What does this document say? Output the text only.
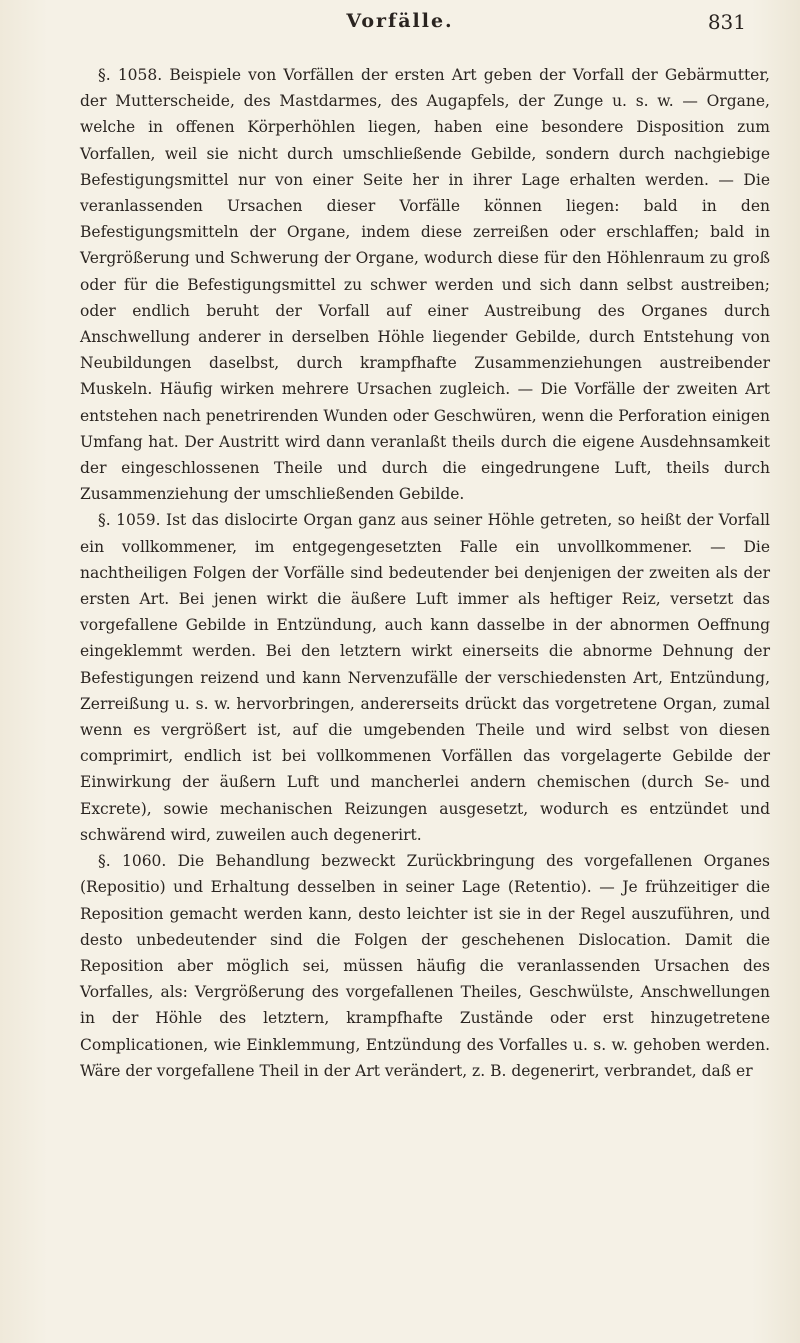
Vorfälle.	831

§. 1058. Beispiele von Vorfällen der ersten Art geben der Vorfall der Gebärmutter, der Mutterscheide, des Mastdarmes, des Augapfels, der Zunge u. s. w. — Organe, welche in offenen Körperhöhlen liegen, haben eine besondere Disposition zum Vorfallen, weil sie nicht durch umschließende Gebilde, sondern durch nachgiebige Befestigungsmittel nur von einer Seite her in ihrer Lage erhalten werden. — Die veranlassenden Ursachen dieser Vorfälle können liegen: bald in den Befestigungsmitteln der Organe, indem diese zerreißen oder erschlaffen; bald in Vergrößerung und Schwerung der Organe, wodurch diese für den Höhlenraum zu groß oder für die Befestigungsmittel zu schwer werden und sich dann selbst austreiben; oder endlich beruht der Vorfall auf einer Austreibung des Organes durch Anschwellung anderer in derselben Höhle liegender Gebilde, durch Entstehung von Neubildungen daselbst, durch krampfhafte Zusammenziehungen austreibender Muskeln. Häufig wirken mehrere Ursachen zugleich. — Die Vorfälle der zweiten Art entstehen nach penetrirenden Wunden oder Geschwüren, wenn die Perforation einigen Umfang hat. Der Austritt wird dann veranlaßt theils durch die eigene Ausdehnsamkeit der eingeschlossenen Theile und durch die eingedrungene Luft, theils durch Zusammenziehung der umschließenden Gebilde.

§. 1059. Ist das dislocirte Organ ganz aus seiner Höhle getreten, so heißt der Vorfall ein vollkommener, im entgegengesetzten Falle ein unvollkommener. — Die nachtheiligen Folgen der Vorfälle sind bedeutender bei denjenigen der zweiten als der ersten Art. Bei jenen wirkt die äußere Luft immer als heftiger Reiz, versetzt das vorgefallene Gebilde in Entzündung, auch kann dasselbe in der abnormen Oeffnung eingeklemmt werden. Bei den letztern wirkt einerseits die abnorme Dehnung der Befestigungen reizend und kann Nervenzufälle der verschiedensten Art, Entzündung, Zerreißung u. s. w. hervorbringen, andererseits drückt das vorgetretene Organ, zumal wenn es vergrößert ist, auf die umgebenden Theile und wird selbst von diesen comprimirt, endlich ist bei vollkommenen Vorfällen das vorgelagerte Gebilde der Einwirkung der äußern Luft und mancherlei andern chemischen (durch Se- und Excrete), sowie mechanischen Reizungen ausgesetzt, wodurch es entzündet und schwärend wird, zuweilen auch degenerirt.

§. 1060. Die Behandlung bezweckt Zurückbringung des vorgefallenen Organes (Repositio) und Erhaltung desselben in seiner Lage (Retentio). — Je frühzeitiger die Reposition gemacht werden kann, desto leichter ist sie in der Regel auszuführen, und desto unbedeutender sind die Folgen der geschehenen Dislocation. Damit die Reposition aber möglich sei, müssen häufig die veranlassenden Ursachen des Vorfalles, als: Vergrößerung des vorgefallenen Theiles, Geschwülste, Anschwellungen in der Höhle des letztern, krampfhafte Zustände oder erst hinzugetretene Complicationen, wie Einklemmung, Entzündung des Vorfalles u. s. w. gehoben werden. Wäre der vorgefallene Theil in der Art verändert, z. B. degenerirt, verbrandet, daß er
